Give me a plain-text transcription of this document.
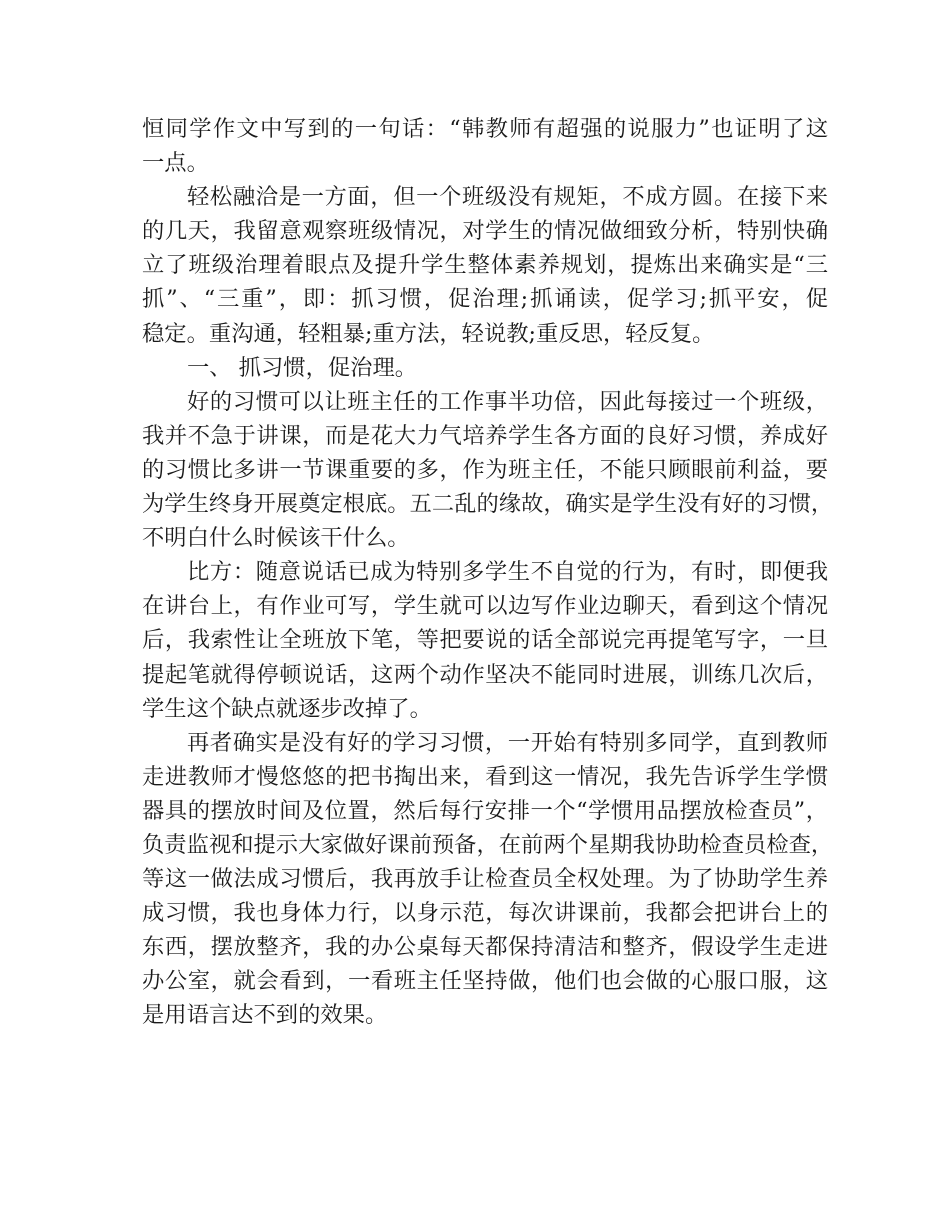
恒同学作文中写到的一句话：“韩教师有超强的说服力”也证明了这
一点。
轻松融洽是一方面，但一个班级没有规矩，不成方圆。在接下来
的几天，我留意观察班级情况，对学生的情况做细致分析，特别快确
立了班级治理着眼点及提升学生整体素养规划，提炼出来确实是“三
抓”、“三重”，即：抓习惯，促治理;抓诵读，促学习;抓平安，促
稳定。重沟通，轻粗暴;重方法，轻说教;重反思，轻反复。
一、 抓习惯，促治理。
好的习惯可以让班主任的工作事半功倍，因此每接过一个班级，
我并不急于讲课，而是花大力气培养学生各方面的良好习惯，养成好
的习惯比多讲一节课重要的多，作为班主任，不能只顾眼前利益，要
为学生终身开展奠定根底。五二乱的缘故，确实是学生没有好的习惯，
不明白什么时候该干什么。
比方：随意说话已成为特别多学生不自觉的行为，有时，即便我
在讲台上，有作业可写，学生就可以边写作业边聊天，看到这个情况
后，我索性让全班放下笔，等把要说的话全部说完再提笔写字，一旦
提起笔就得停顿说话，这两个动作坚决不能同时进展，训练几次后，
学生这个缺点就逐步改掉了。
再者确实是没有好的学习习惯，一开始有特别多同学，直到教师
走进教师才慢悠悠的把书掏出来，看到这一情况，我先告诉学生学惯
器具的摆放时间及位置，然后每行安排一个“学惯用品摆放检查员”，
负责监视和提示大家做好课前预备，在前两个星期我协助检查员检查，
等这一做法成习惯后，我再放手让检查员全权处理。为了协助学生养
成习惯，我也身体力行，以身示范，每次讲课前，我都会把讲台上的
东西，摆放整齐，我的办公桌每天都保持清洁和整齐，假设学生走进
办公室，就会看到，一看班主任坚持做，他们也会做的心服口服，这
是用语言达不到的效果。
